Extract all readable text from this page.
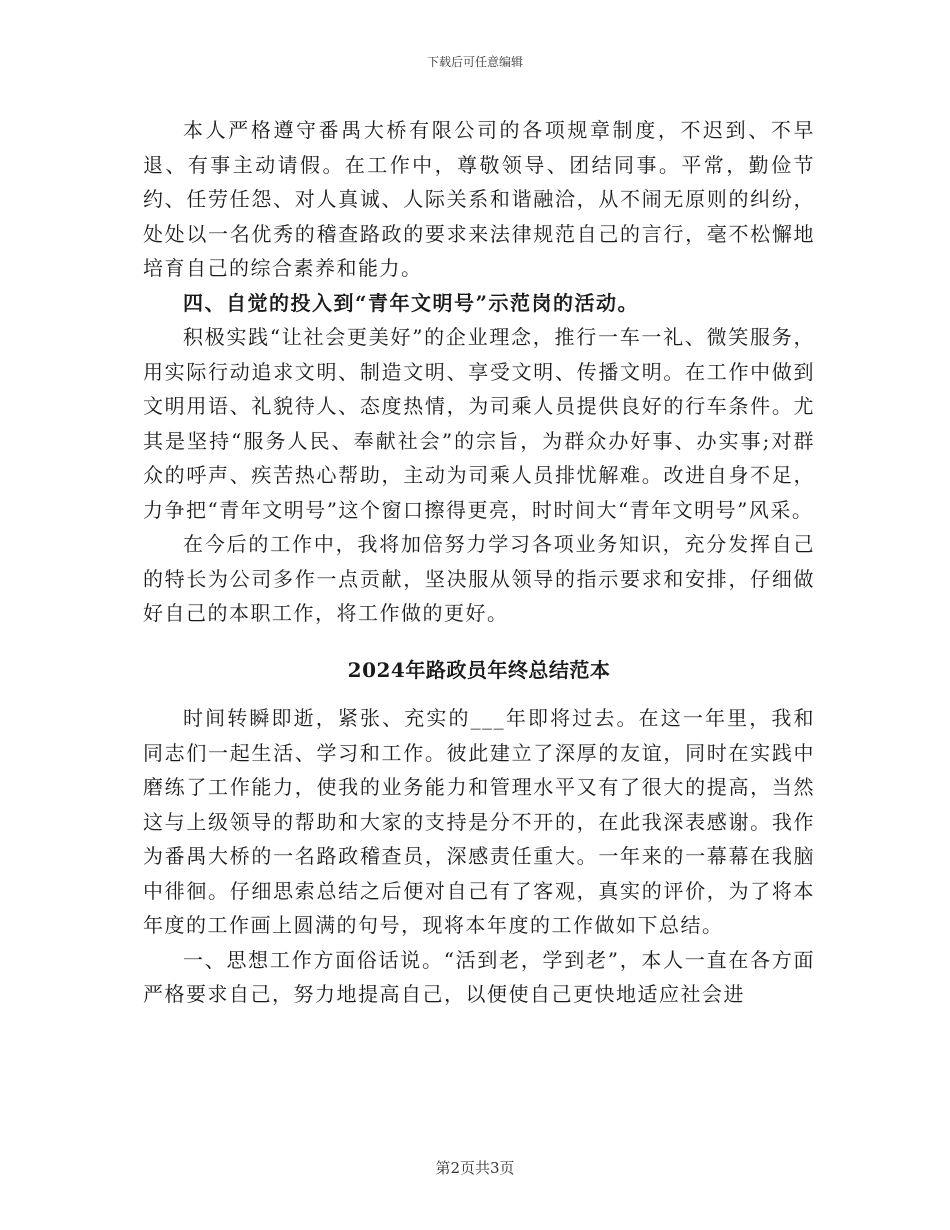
下载后可任意编辑

本人严格遵守番禺大桥有限公司的各项规章制度，不迟到、不早退、有事主动请假。在工作中，尊敬领导、团结同事。平常，勤俭节约、任劳任怨、对人真诚、人际关系和谐融洽，从不闹无原则的纠纷，处处以一名优秀的稽查路政的要求来法律规范自己的言行，毫不松懈地培育自己的综合素养和能力。

四、自觉的投入到“青年文明号”示范岗的活动。

积极实践“让社会更美好”的企业理念，推行一车一礼、微笑服务，用实际行动追求文明、制造文明、享受文明、传播文明。在工作中做到文明用语、礼貌待人、态度热情，为司乘人员提供良好的行车条件。尤其是坚持“服务人民、奉献社会”的宗旨，为群众办好事、办实事;对群众的呼声、疾苦热心帮助，主动为司乘人员排忧解难。改进自身不足，力争把“青年文明号”这个窗口擦得更亮，时时间大“青年文明号”风采。

在今后的工作中，我将加倍努力学习各项业务知识，充分发挥自己的特长为公司多作一点贡献，坚决服从领导的指示要求和安排，仔细做好自己的本职工作，将工作做的更好。

2024年路政员年终总结范本

时间转瞬即逝，紧张、充实的___年即将过去。在这一年里，我和同志们一起生活、学习和工作。彼此建立了深厚的友谊，同时在实践中磨练了工作能力，使我的业务能力和管理水平又有了很大的提高，当然这与上级领导的帮助和大家的支持是分不开的，在此我深表感谢。我作为番禺大桥的一名路政稽查员，深感责任重大。一年来的一幕幕在我脑中徘徊。仔细思索总结之后便对自己有了客观，真实的评价，为了将本年度的工作画上圆满的句号，现将本年度的工作做如下总结。

一、思想工作方面俗话说。“活到老，学到老”，本人一直在各方面严格要求自己，努力地提高自己，以便使自己更快地适应社会进

第2页共3页
